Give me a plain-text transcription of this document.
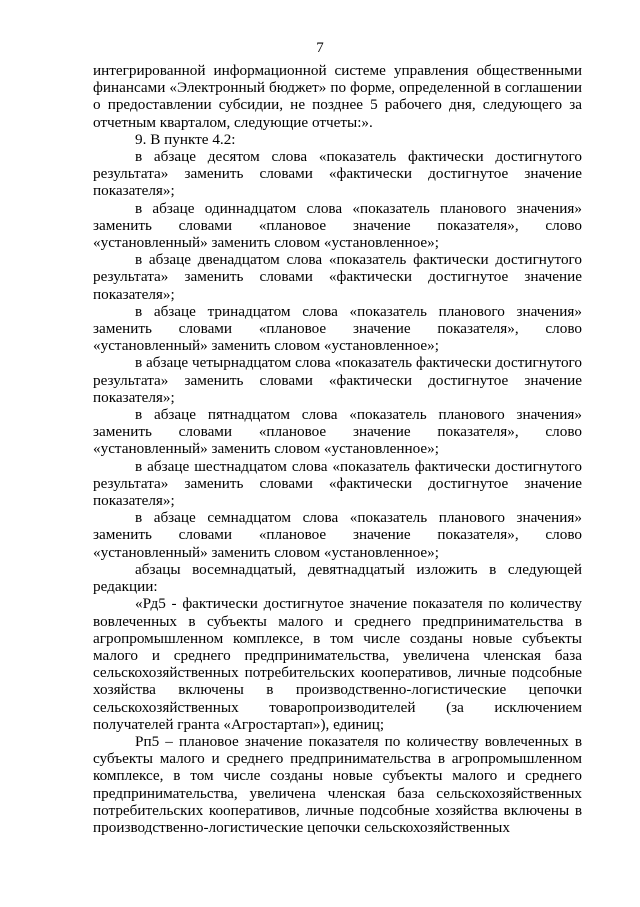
7

интегрированной информационной системе управления общественными финансами «Электронный бюджет» по форме, определенной в соглашении о предоставлении субсидии, не позднее 5 рабочего дня, следующего за отчетным кварталом, следующие отчеты:».

9. В пункте 4.2:

в абзаце десятом слова «показатель фактически достигнутого результата» заменить словами «фактически достигнутое значение показателя»;

в абзаце одиннадцатом слова «показатель планового значения» заменить словами «плановое значение показателя», слово «установленный» заменить словом «установленное»;

в абзаце двенадцатом слова «показатель фактически достигнутого результата» заменить словами «фактически достигнутое значение показателя»;

в абзаце тринадцатом слова «показатель планового значения» заменить словами «плановое значение показателя», слово «установленный» заменить словом «установленное»;

в абзаце четырнадцатом слова «показатель фактически достигнутого результата» заменить словами «фактически достигнутое значение показателя»;

в абзаце пятнадцатом слова «показатель планового значения» заменить словами «плановое значение показателя», слово «установленный» заменить словом «установленное»;

в абзаце шестнадцатом слова «показатель фактически достигнутого результата» заменить словами «фактически достигнутое значение показателя»;

в абзаце семнадцатом слова «показатель планового значения» заменить словами «плановое значение показателя», слово «установленный» заменить словом «установленное»;

абзацы восемнадцатый, девятнадцатый изложить в следующей редакции:

«Рд5 - фактически достигнутое значение показателя по количеству вовлеченных в субъекты малого и среднего предпринимательства в агропромышленном комплексе, в том числе созданы новые субъекты малого и среднего предпринимательства, увеличена членская база сельскохозяйственных потребительских кооперативов, личные подсобные хозяйства включены в производственно-логистические цепочки сельскохозяйственных товаропроизводителей (за исключением получателей гранта «Агростартап»), единиц;

Рп5 – плановое значение показателя по количеству вовлеченных в субъекты малого и среднего предпринимательства в агропромышленном комплексе, в том числе созданы новые субъекты малого и среднего предпринимательства, увеличена членская база сельскохозяйственных потребительских кооперативов, личные подсобные хозяйства включены в производственно-логистические цепочки сельскохозяйственных
